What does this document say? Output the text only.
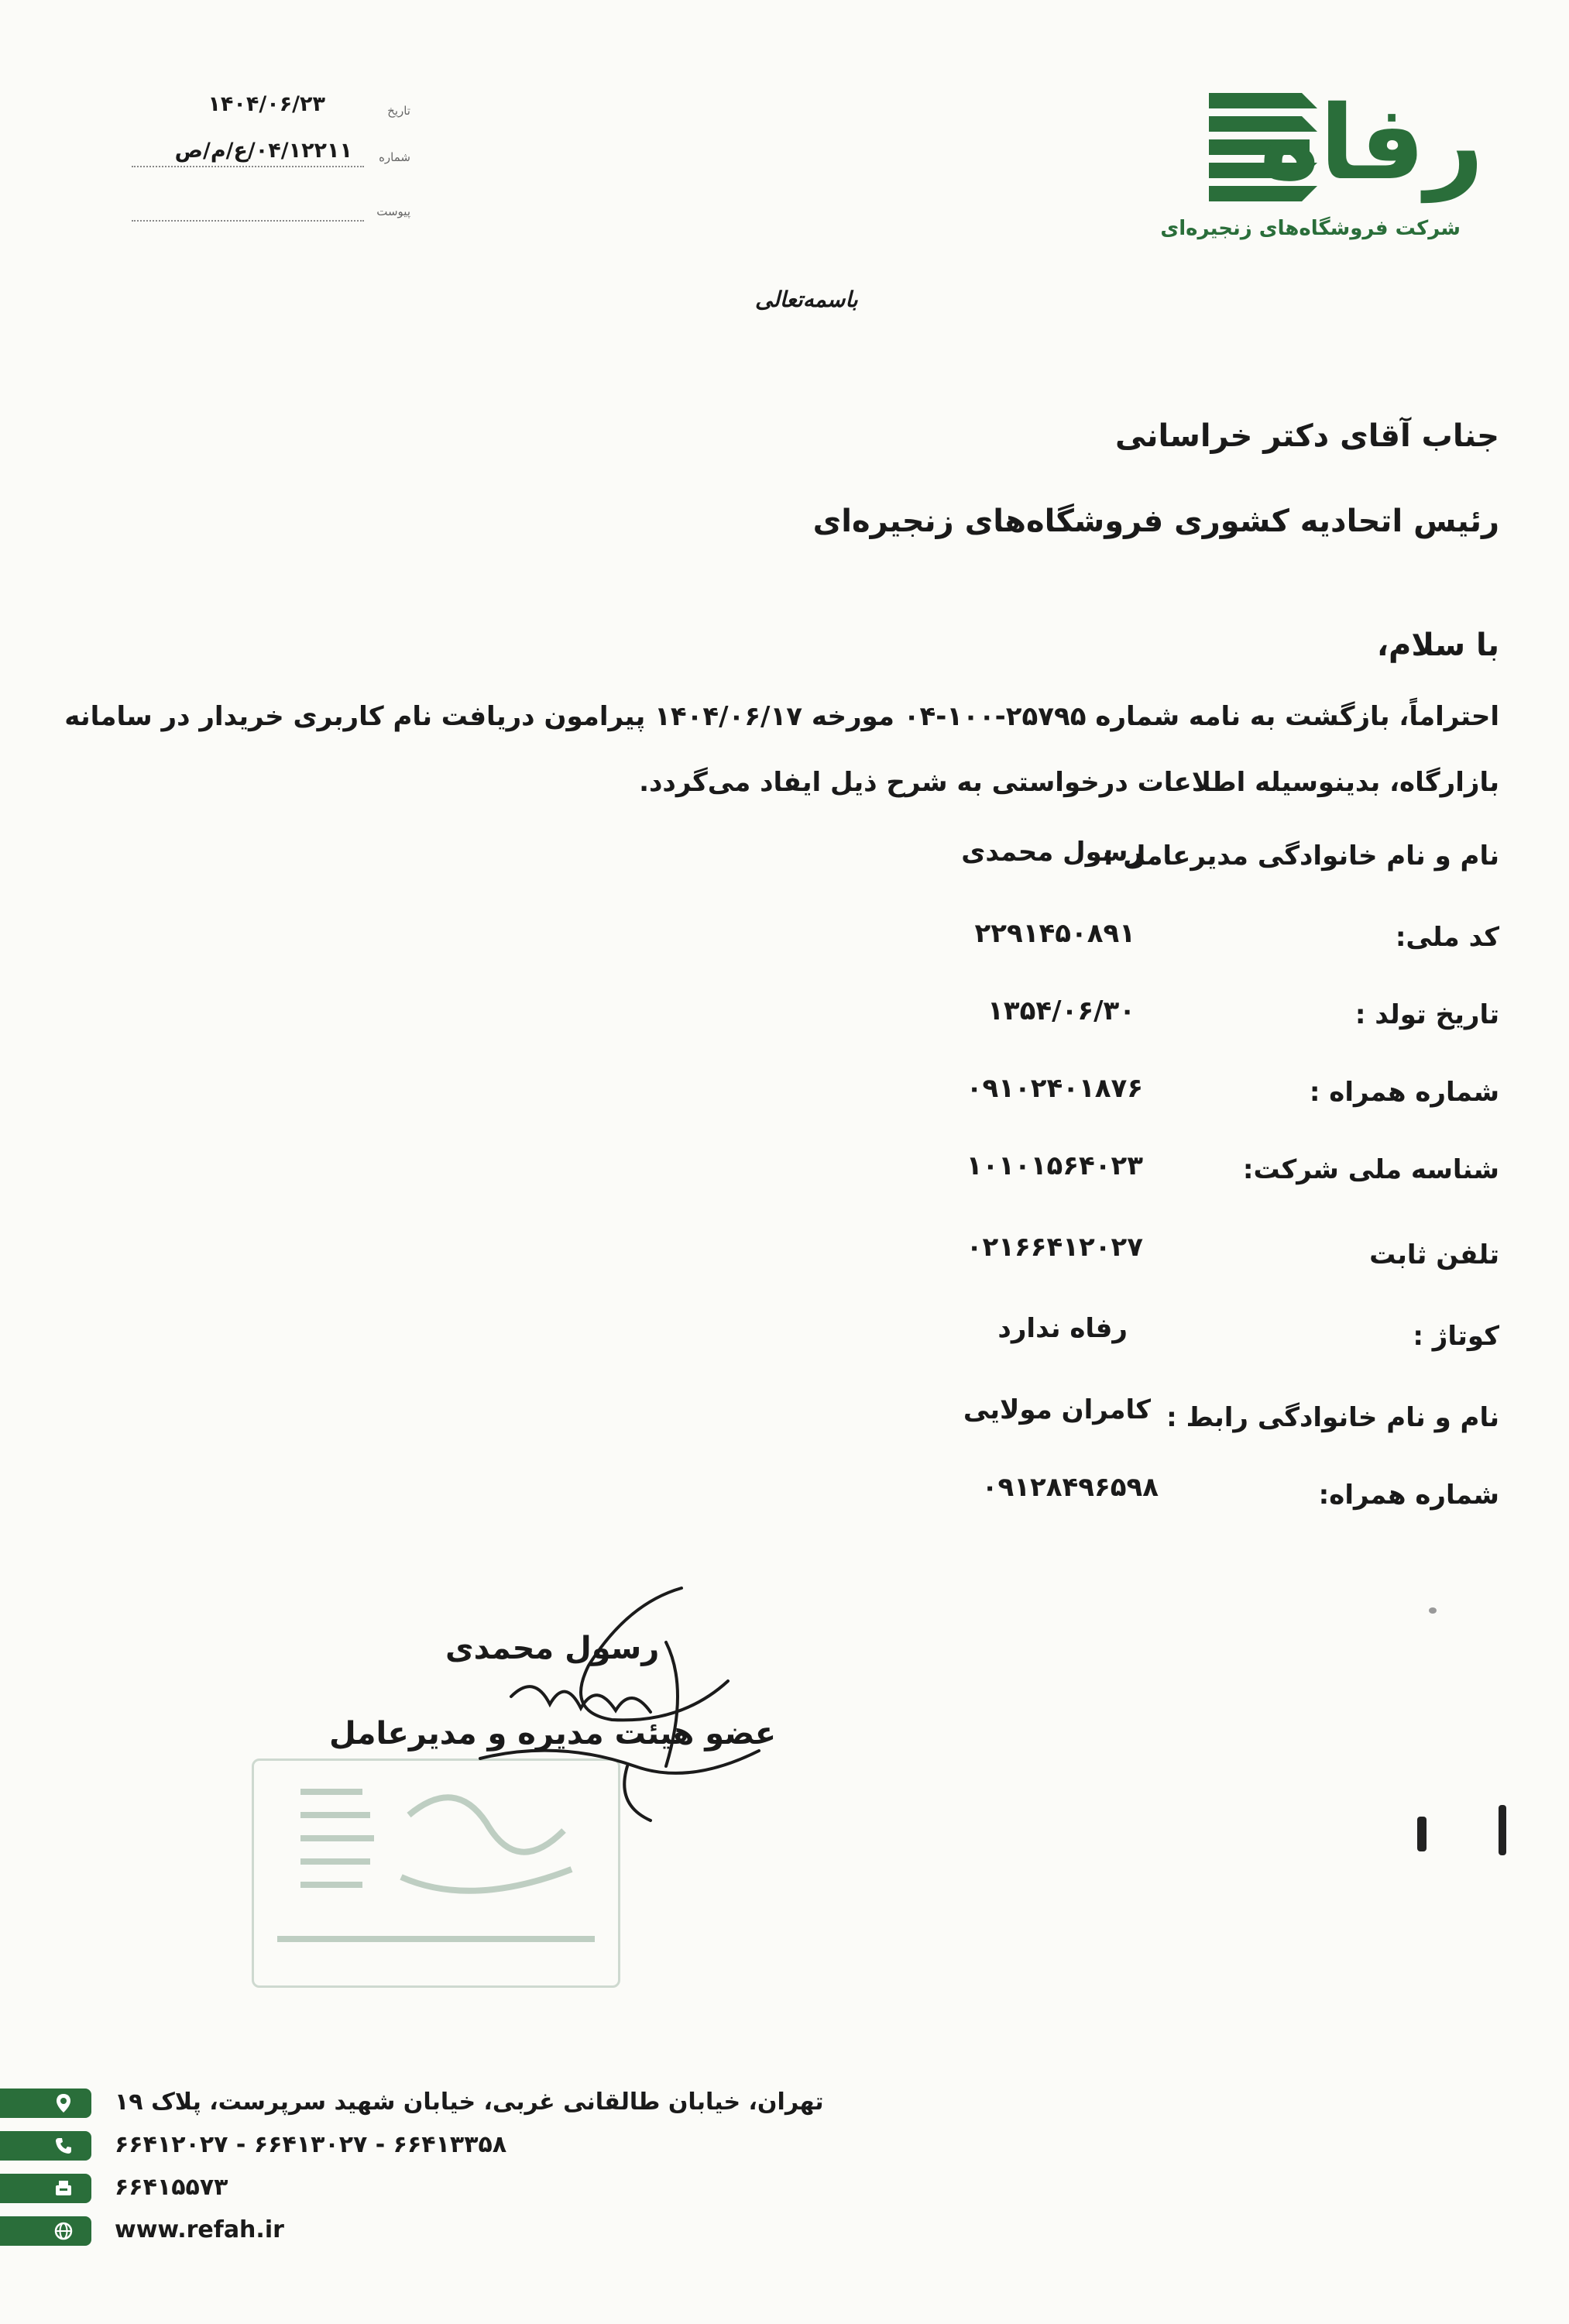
رفاه
شرکت فروشگاه‌های زنجیره‌ای
تاریخ
۱۴۰۴/۰۶/۲۳
شماره
۰۴/۱۲۲۱۱/ع/م/ص
پیوست
باسمه‌تعالی
جناب آقای دکتر خراسانی
رئیس اتحادیه کشوری فروشگاه‌های زنجیره‌ای
با سلام،
احتراماً، بازگشت به نامه شماره ۲۵۷۹۵-۱۰۰-۰۴ مورخه ۱۴۰۴/۰۶/۱۷ پیرامون دریافت نام کاربری خریدار در سامانه
بازارگاه، بدینوسیله اطلاعات درخواستی به شرح ذیل ایفاد می‌گردد.
نام و نام خانوادگی مدیرعامل :
رسول محمدی
کد ملی:
۲۲۹۱۴۵۰۸۹۱
تاریخ تولد :
۱۳۵۴/۰۶/۳۰
شماره همراه :
۰۹۱۰۲۴۰۱۸۷۶
شناسه ملی شرکت:
۱۰۱۰۱۵۶۴۰۲۳
تلفن ثابت
۰۲۱۶۶۴۱۲۰۲۷
کوتاژ :
رفاه ندارد
نام و نام خانوادگی رابط :
کامران مولایی
شماره همراه:
۰۹۱۲۸۴۹۶۵۹۸
رسول محمدی
عضو هیئت مدیره و مدیرعامل
تهران، خیابان طالقانی غربی، خیابان شهید سرپرست، پلاک ۱۹
۶۶۴۱۲۰۲۷ - ۶۶۴۱۳۰۲۷ - ۶۶۴۱۳۳۵۸
۶۶۴۱۵۵۷۳
www.refah.ir
